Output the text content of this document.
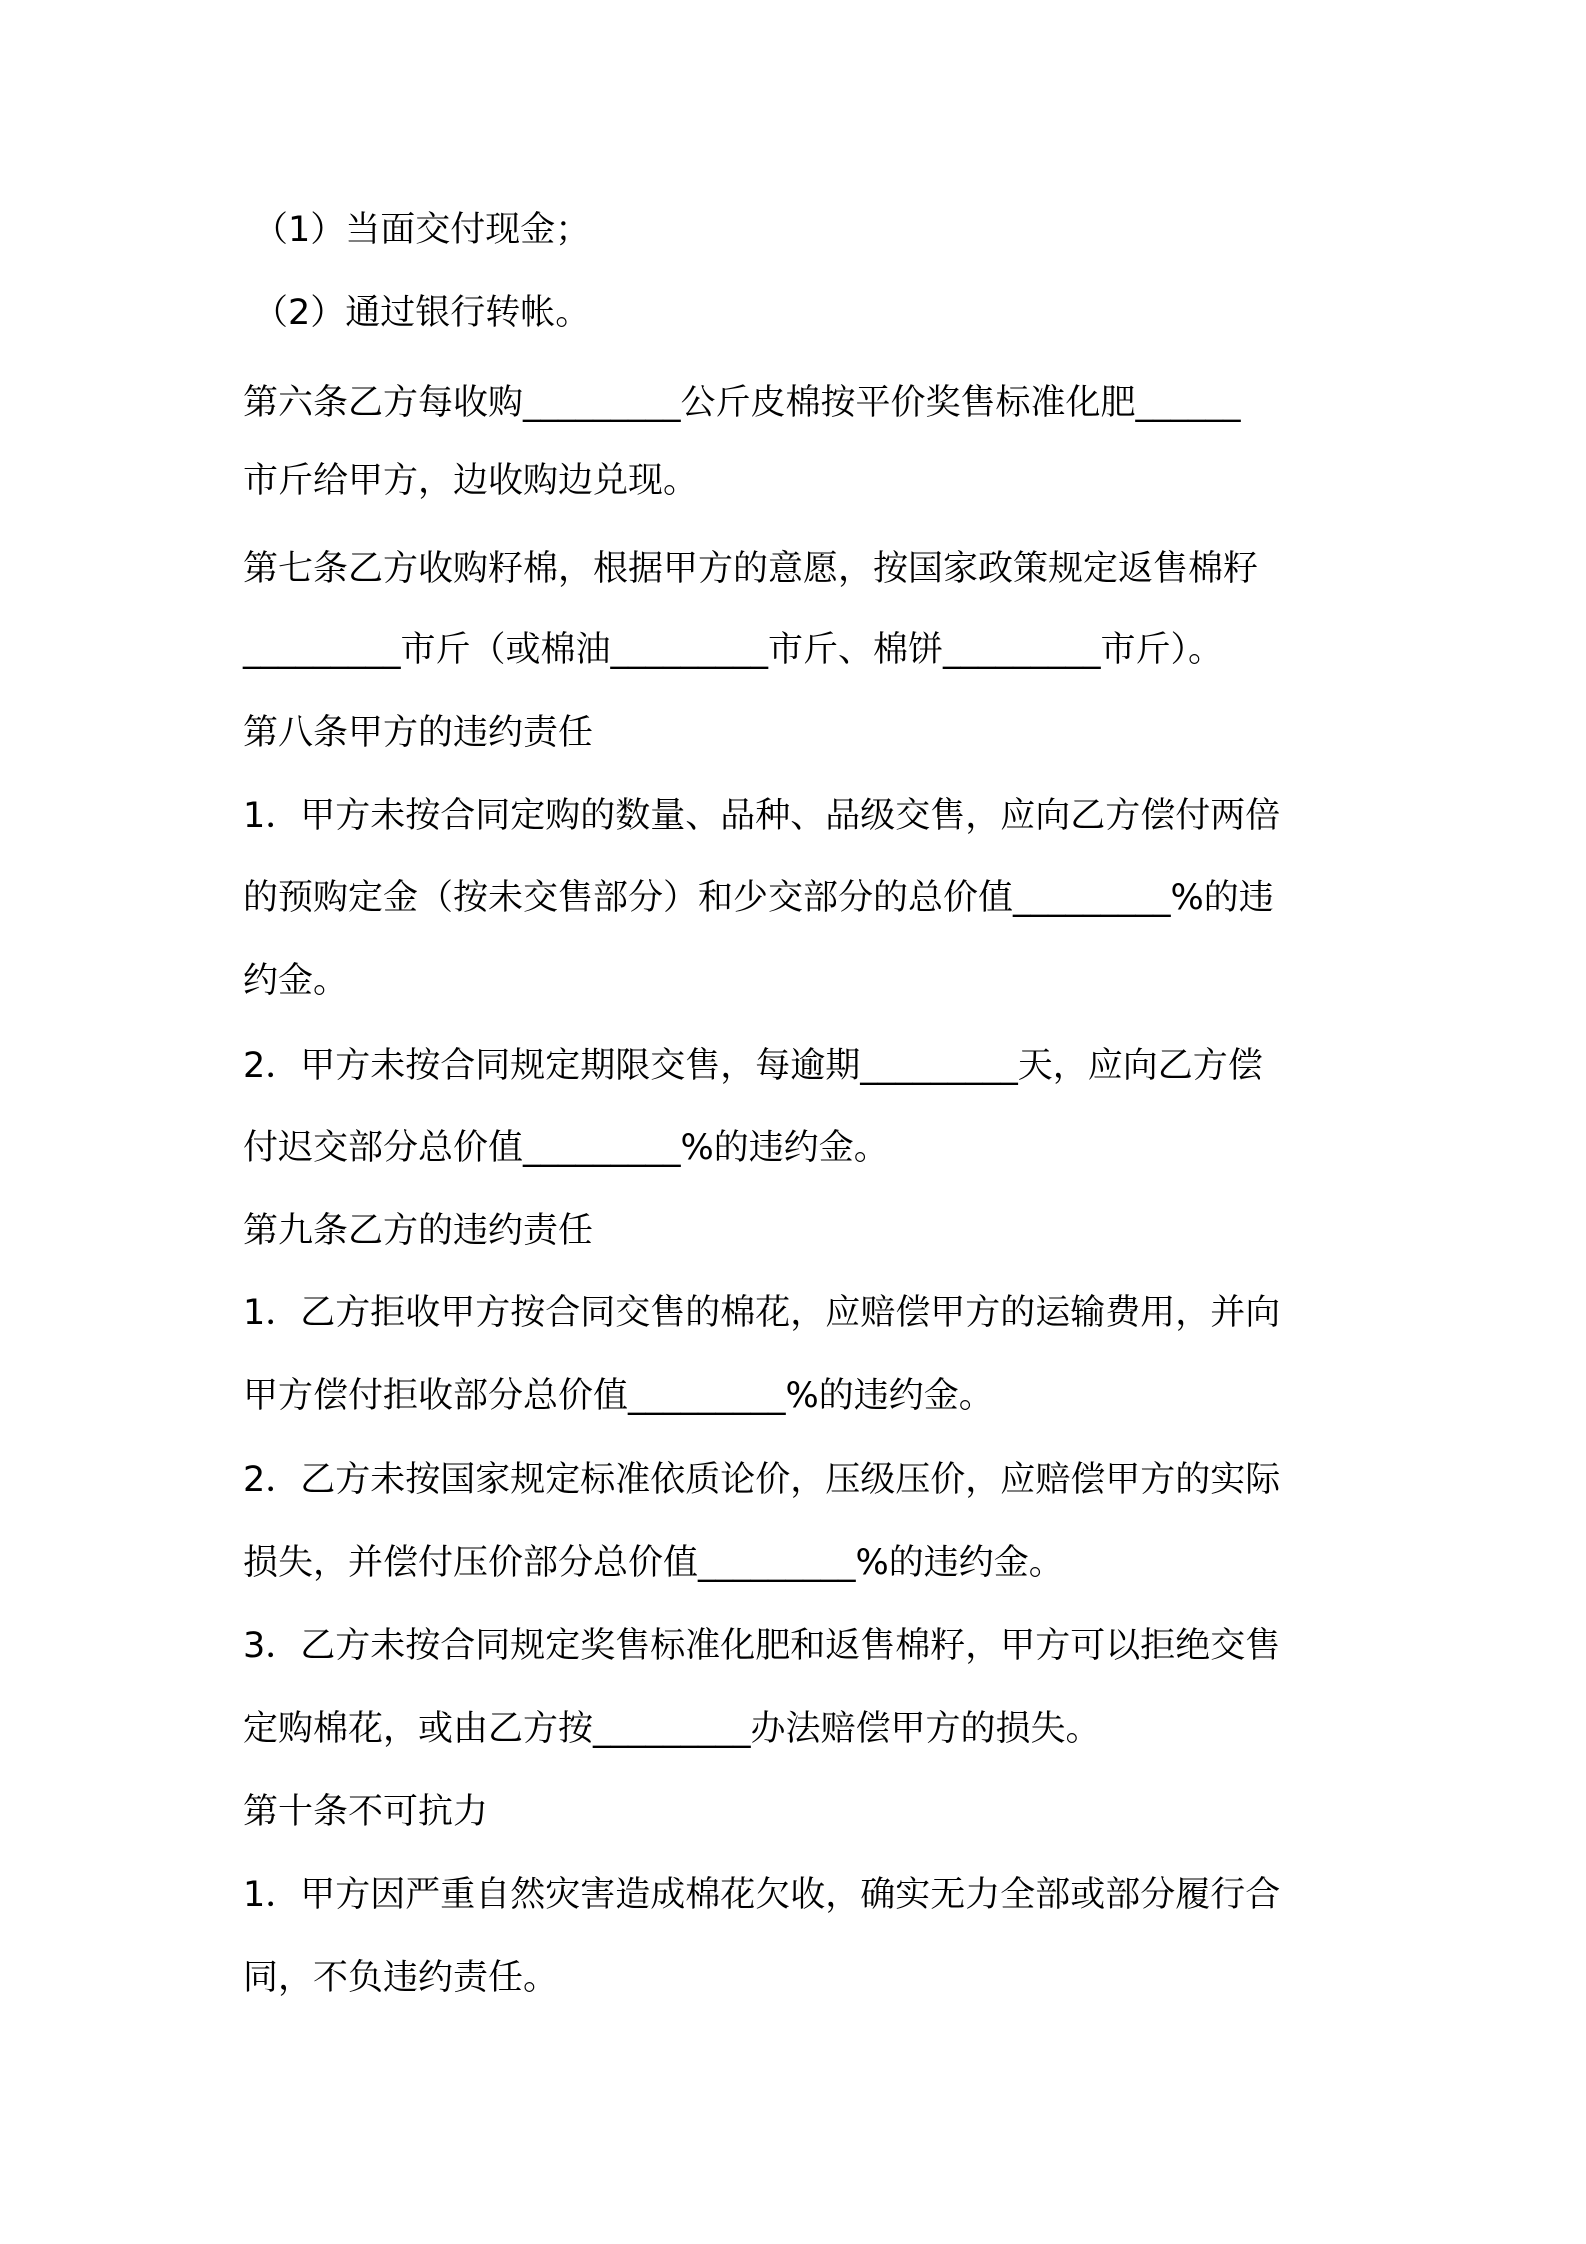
（1）当面交付现金；
（2）通过银行转帐。
第六条乙方每收购_________公斤皮棉按平价奖售标准化肥______
市斤给甲方，边收购边兑现。
第七条乙方收购籽棉，根据甲方的意愿，按国家政策规定返售棉籽
_________市斤（或棉油_________市斤、棉饼_________市斤）。
第八条甲方的违约责任
1．甲方未按合同定购的数量、品种、品级交售，应向乙方偿付两倍
的预购定金（按未交售部分）和少交部分的总价值_________%的违
约金。
2．甲方未按合同规定期限交售，每逾期_________天，应向乙方偿
付迟交部分总价值_________%的违约金。
第九条乙方的违约责任
1．乙方拒收甲方按合同交售的棉花，应赔偿甲方的运输费用，并向
甲方偿付拒收部分总价值_________%的违约金。
2．乙方未按国家规定标准依质论价，压级压价，应赔偿甲方的实际
损失，并偿付压价部分总价值_________%的违约金。
3．乙方未按合同规定奖售标准化肥和返售棉籽，甲方可以拒绝交售
定购棉花，或由乙方按_________办法赔偿甲方的损失。
第十条不可抗力
1．甲方因严重自然灾害造成棉花欠收，确实无力全部或部分履行合
同，不负违约责任。
